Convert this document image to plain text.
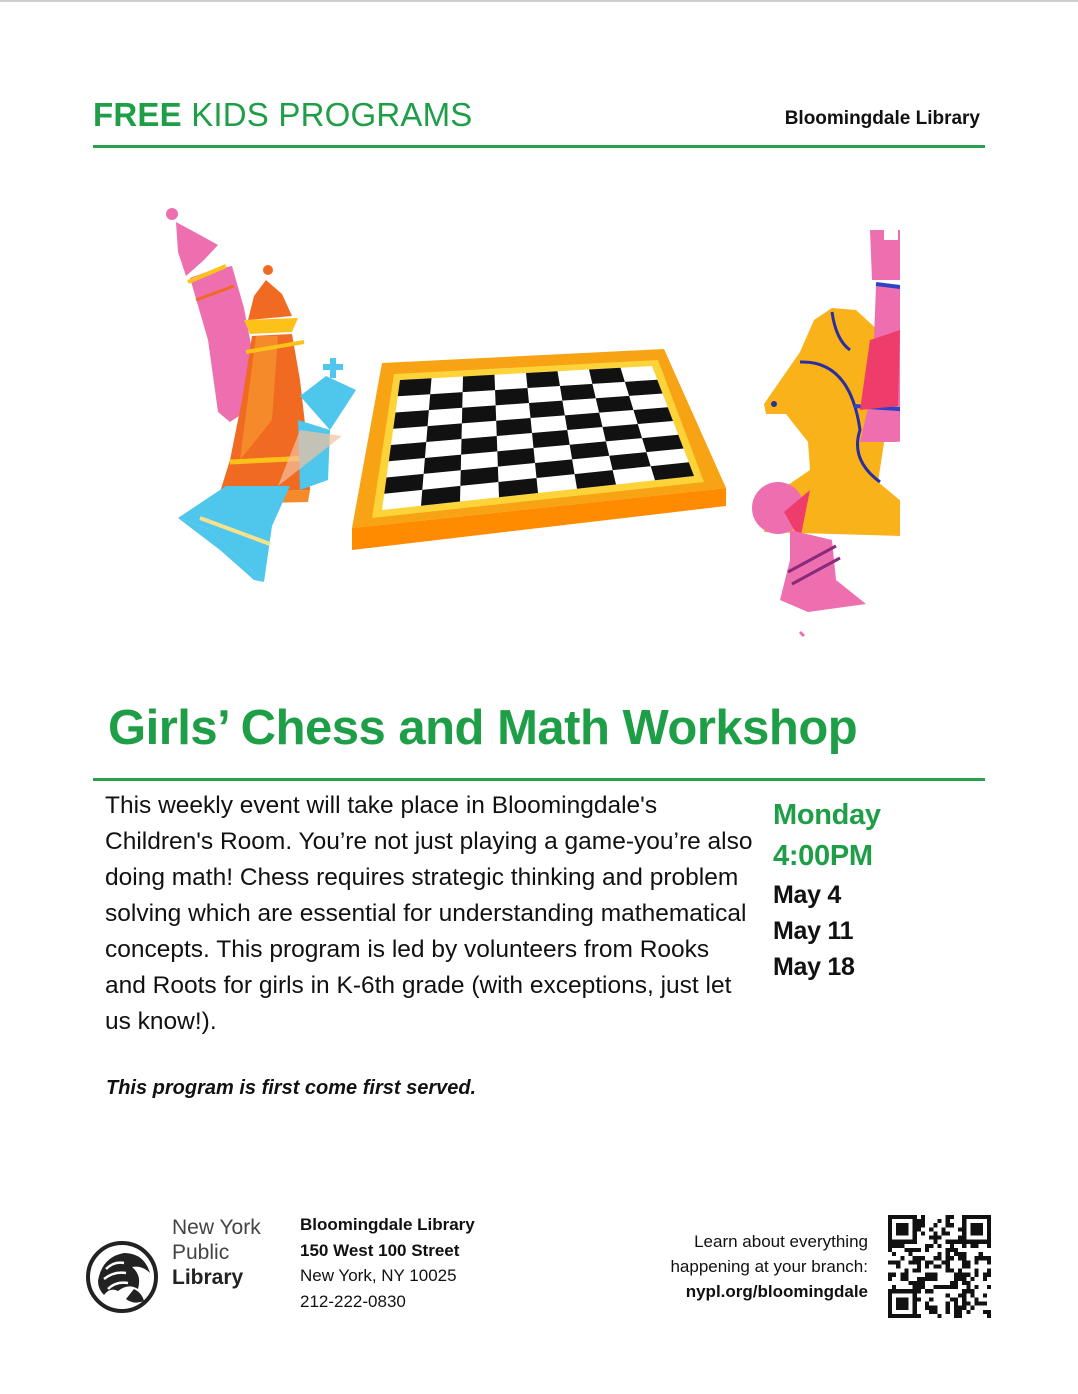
FREE KIDS PROGRAMS	Bloomingdale Library
Girls’ Chess and Math Workshop
This weekly event will take place in Bloomingdale's Children's Room. You’re not just playing a game-you’re also doing math! Chess requires strategic thinking and problem solving which are essential for understanding mathematical concepts. This program is led by volunteers from Rooks and Roots for girls in K-6th grade (with exceptions, just let us know!).
Monday
4:00PM
May 4
May 11
May 18
This program is first come first served.
New York
Public
Library
Bloomingdale Library
150 West 100 Street
New York, NY 10025
212-222-0830
Learn about everything
happening at your branch:
nypl.org/bloomingdale
